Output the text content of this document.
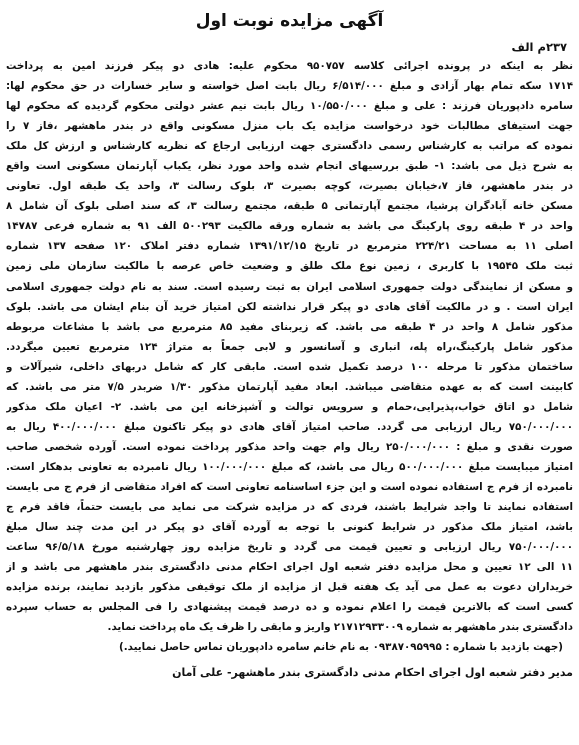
آگهی مزایده نوبت اول
۲۳۷م الف
نظر به اینکه در پرونده اجرائی کلاسه ۹۵۰۷۵۷ محکوم علیه: هادی دو پیکر فرزند امین به پرداخت
۱۷۱۴ سکه تمام بهار آزادی و مبلغ ۶/۵۱۴/۰۰۰ ریال بابت اصل خواسته و سایر خسارات در حق محکوم لها:
سامره دادپوریان فرزند : علی و مبلغ ۱۰/۵۵۰/۰۰۰ ریال بابت نیم عشر دولتی محکوم گردیده که محکوم لها
جهت استیفای مطالبات خود درخواست مزایده یک باب منزل مسکونی واقع در بندر ماهشهر ،فاز ۷ را
نموده که مراتب به کارشناس رسمی دادگستری جهت ارزیابی ارجاع که نظریه کارشناس و ارزش کل ملک
به شرح ذیل می باشد: ۱- طبق بررسیهای انجام شده واحد مورد نظر، یکباب آپارتمان مسکونی است واقع
در بندر ماهشهر، فاز ۷،خیابان بصیرت، کوچه بصیرت ۳، بلوک رسالت ۳، واحد یک طبقه اول. تعاونی
مسکن خانه آبادگران پرشیا، مجتمع آپارتمانی ۵ طبقه، مجتمع رسالت ۳، که سند اصلی بلوک آن شامل ۸
واحد در ۴ طبقه روی پارکینگ می باشد به شماره ورقه مالکیت ۵۰۰۲۹۳ الف ۹۱ به شماره فرعی ۱۴۷۸۷
اصلی ۱۱ به مساحت ۲۲۴/۲۱ مترمربع در تاریخ ۱۳۹۱/۱۲/۱۵ شماره دفتر املاک ۱۲۰ صفحه ۱۳۷ شماره
ثبت ملک ۱۹۵۴۵ با کاربری ، زمین نوع ملک طلق و وضعیت خاص عرصه با مالکیت سازمان ملی زمین
و مسکن از نمایندگی دولت جمهوری اسلامی ایران به ثبت رسیده است. سند به نام دولت جمهوری اسلامی
ایران است . و در مالکیت آقای هادی دو پیکر قرار نداشته لکن امتیاز خرید آن بنام ایشان می باشد. بلوک
مذکور شامل ۸ واحد در ۴ طبقه می باشد. که زیربنای مفید ۸۵ مترمربع می باشد با مشاعات مربوطه
مذکور شامل پارکینگ،راه پله، انباری و آسانسور و لابی جمعاً به متراژ ۱۲۴ مترمربع تعیین میگردد.
ساختمان مذکور تا مرحله ۱۰۰ درصد تکمیل شده است. مابقی کار که شامل دربهای داخلی، شیرآلات و
کابینت است که به عهده متقاضی میباشد. ابعاد مفید آپارتمان مذکور ۱/۳۰ ضربدر ۷/۵ متر می باشد. که
شامل دو اتاق خواب،پذیرایی،حمام و سرویس توالت و آشپزخانه این می باشد. ۲- اعیان ملک مذکور
۷۵۰/۰۰۰/۰۰۰ ریال ارزیابی می گردد. صاحب امتیاز آقای هادی دو پیکر تاکنون مبلغ ۴۰۰/۰۰۰/۰۰۰ ریال به
صورت نقدی و مبلغ : ۲۵۰/۰۰۰/۰۰۰ ریال وام جهت واحد مذکور پرداخت نموده است. آورده شخصی صاحب
امتیاز میبایست مبلغ ۵۰۰/۰۰۰/۰۰۰ ریال می باشد، که مبلغ ۱۰۰/۰۰۰/۰۰۰ ریال نامبرده به تعاونی بدهکار است.
نامبرده از فرم ج استفاده نموده است و این جزء اساسنامه تعاونی است که افراد متقاضی از فرم ج می بایست
استفاده نمایند تا واجد شرایط باشند، فردی که در مزایده شرکت می نماید می بایست حتماً، فاقد فرم ج
باشد، امتیاز ملک مذکور در شرایط کنونی با توجه به آورده آقای دو پیکر در این مدت چند سال مبلغ
۷۵۰/۰۰۰/۰۰۰ ریال ارزیابی و تعیین قیمت می گردد و تاریخ مزایده روز چهارشنبه مورخ ۹۶/۵/۱۸ ساعت
۱۱ الی ۱۲ تعیین و محل مزایده دفتر شعبه اول اجرای احکام مدنی دادگستری بندر ماهشهر می باشد و از
خریداران دعوت به عمل می آید یک هفته قبل از مزایده از ملک توقیفی مذکور بازدید نمایند، برنده مزایده
کسی است که بالاترین قیمت را اعلام نموده و ده درصد قیمت پیشنهادی را فی المجلس به حساب سپرده
دادگستری بندر ماهشهر به شماره ۲۱۷۱۲۹۳۳۰۰۹ واریز و مابقی را ظرف یک ماه پرداخت نماید.
(جهت بازدید با شماره : ۰۹۳۸۷۰۹۵۹۹۵ به نام خانم سامره دادپوریان تماس حاصل نمایید.)
مدیر دفتر شعبه اول اجرای احکام مدنی دادگستری بندر ماهشهر- علی آمان
